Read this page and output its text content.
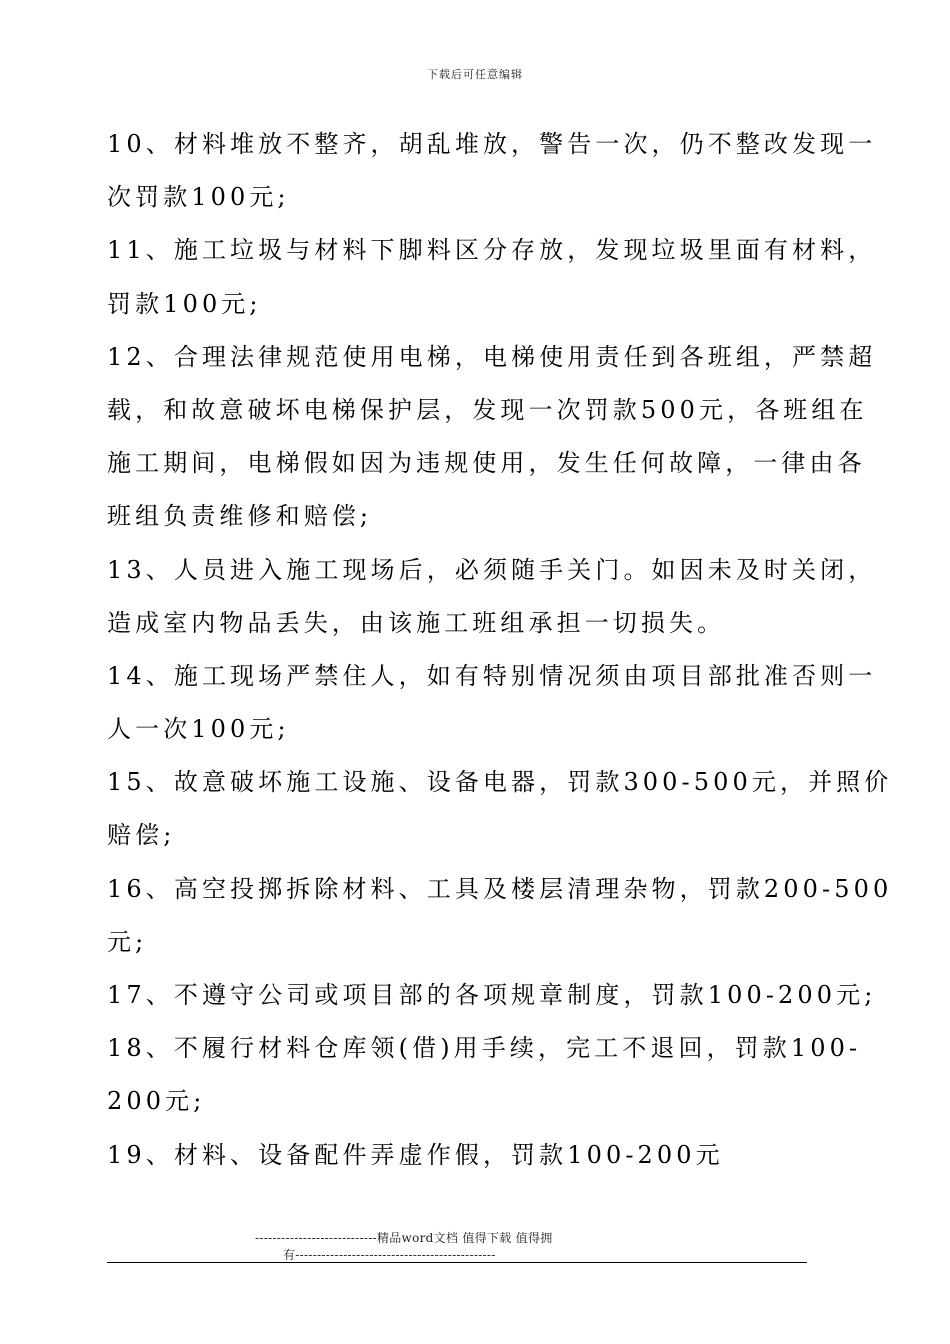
下载后可任意编辑
10、材料堆放不整齐，胡乱堆放，警告一次，仍不整改发现一
次罚款100元;
11、施工垃圾与材料下脚料区分存放，发现垃圾里面有材料，
罚款100元;
12、合理法律规范使用电梯，电梯使用责任到各班组，严禁超
载，和故意破坏电梯保护层，发现一次罚款500元，各班组在
施工期间，电梯假如因为违规使用，发生任何故障，一律由各
班组负责维修和赔偿;
13、人员进入施工现场后，必须随手关门。如因未及时关闭，
造成室内物品丢失，由该施工班组承担一切损失。
14、施工现场严禁住人，如有特别情况须由项目部批准否则一
人一次100元;
15、故意破坏施工设施、设备电器，罚款300-500元，并照价
赔偿;
16、高空投掷拆除材料、工具及楼层清理杂物，罚款200-500
元;
17、不遵守公司或项目部的各项规章制度，罚款100-200元;
18、不履行材料仓库领(借)用手续，完工不退回，罚款100-
200元;
19、材料、设备配件弄虚作假，罚款100-200元
----------------------------精品word文档 值得下载 值得拥
有----------------------------------------------
